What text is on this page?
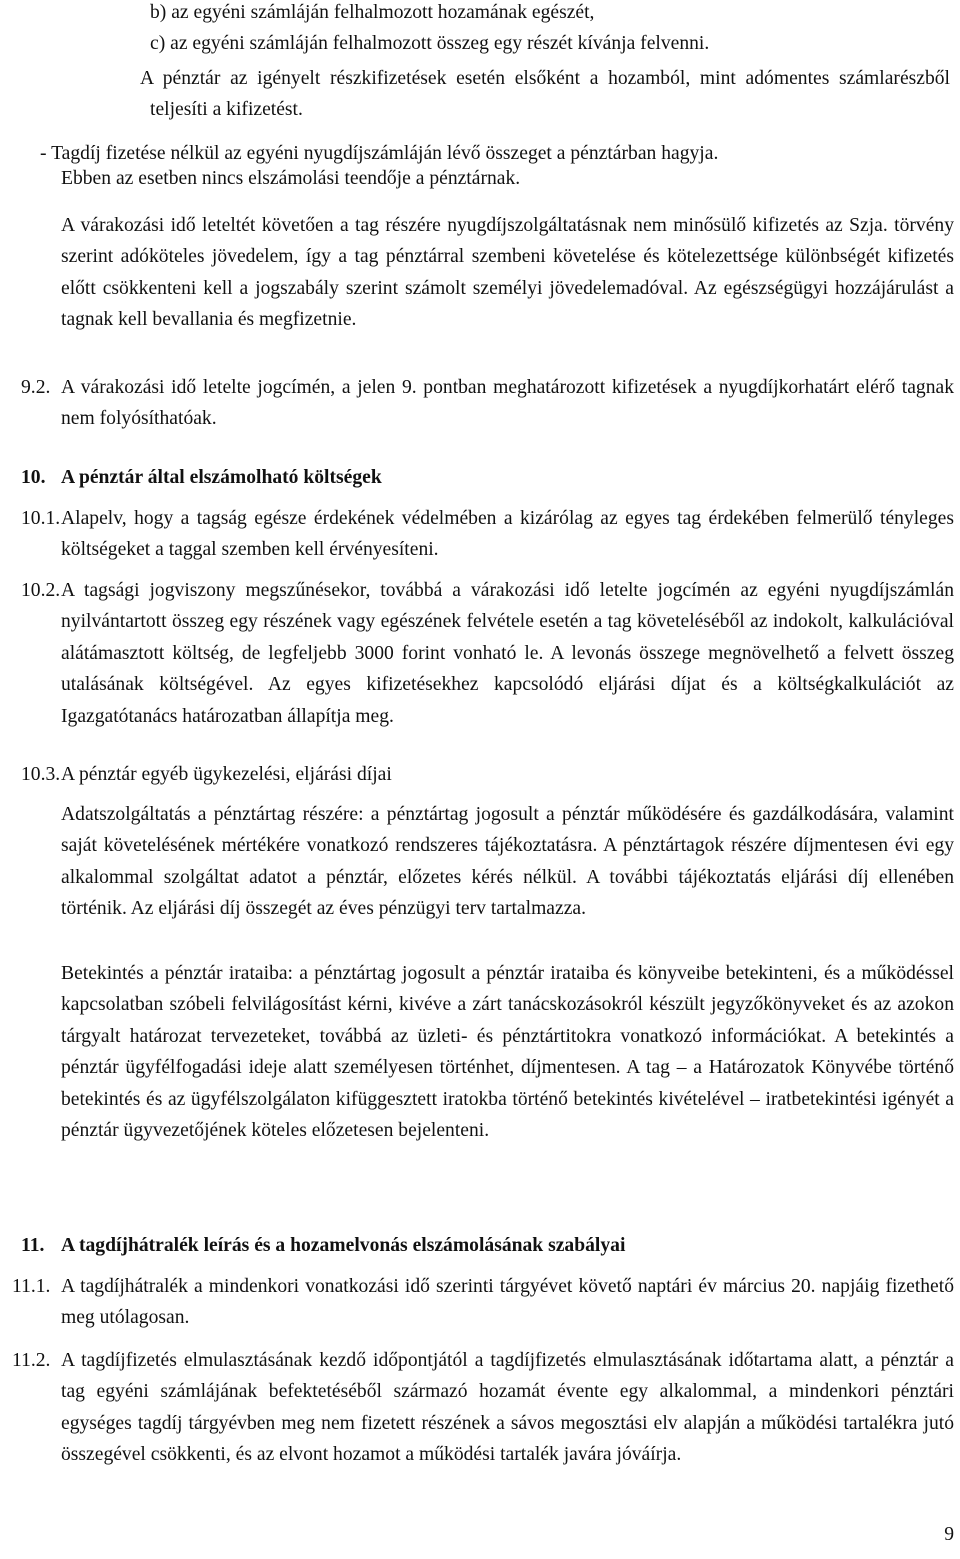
b) az egyéni számláján felhalmozott hozamának egészét,
c) az egyéni számláján felhalmozott összeg egy részét kívánja felvenni.
A pénztár az igényelt részkifizetések esetén elsőként a hozamból, mint adómentes számlarészből teljesíti a kifizetést.
- Tagdíj fizetése nélkül az egyéni nyugdíjszámláján lévő összeget a pénztárban hagyja.
Ebben az esetben nincs elszámolási teendője a pénztárnak.
A várakozási idő leteltét követően a tag részére nyugdíjszolgáltatásnak nem minősülő kifizetés az Szja. törvény szerint adóköteles jövedelem, így a tag pénztárral szembeni követelése és kötelezettsége különbségét kifizetés előtt csökkenteni kell a jogszabály szerint számolt személyi jövedelemadóval. Az egészségügyi hozzájárulást a tagnak kell bevallania és megfizetnie.
9.2. A várakozási idő letelte jogcímén, a jelen 9. pontban meghatározott kifizetések a nyugdíjkorhatárt elérő tagnak nem folyósíthatóak.
10. A pénztár által elszámolható költségek
10.1. Alapelv, hogy a tagság egésze érdekének védelmében a kizárólag az egyes tag érdekében felmerülő tényleges költségeket a taggal szemben kell érvényesíteni.
10.2. A tagsági jogviszony megszűnésekor, továbbá a várakozási idő letelte jogcímén az egyéni nyugdíjszámlán nyilvántartott összeg egy részének vagy egészének felvétele esetén a tag követeléséből az indokolt, kalkulációval alátámasztott költség, de legfeljebb 3000 forint vonható le. A levonás összege megnövelhető a felvett összeg utalásának költségével. Az egyes kifizetésekhez kapcsolódó eljárási díjat és a költségkalkulációt az Igazgatótanács határozatban állapítja meg.
10.3. A pénztár egyéb ügykezelési, eljárási díjai
Adatszolgáltatás a pénztártag részére: a pénztártag jogosult a pénztár működésére és gazdálkodására, valamint saját követelésének mértékére vonatkozó rendszeres tájékoztatásra. A pénztártagok részére díjmentesen évi egy alkalommal szolgáltat adatot a pénztár, előzetes kérés nélkül. A további tájékoztatás eljárási díj ellenében történik. Az eljárási díj összegét az éves pénzügyi terv tartalmazza.
Betekintés a pénztár irataiba: a pénztártag jogosult a pénztár irataiba és könyveibe betekinteni, és a működéssel kapcsolatban szóbeli felvilágosítást kérni, kivéve a zárt tanácskozásokról készült jegyzőkönyveket és az azokon tárgyalt határozat tervezeteket, továbbá az üzleti- és pénztártitokra vonatkozó információkat. A betekintés a pénztár ügyfélfogadási ideje alatt személyesen történhet, díjmentesen. A tag – a Határozatok Könyvébe történő betekintés és az ügyfélszolgálaton kifüggesztett iratokba történő betekintés kivételével – iratbetekintési igényét a pénztár ügyvezetőjének köteles előzetesen bejelenteni.
11. A tagdíjhátralék leírás és a hozamelvonás elszámolásának szabályai
11.1. A tagdíjhátralék a mindenkori vonatkozási idő szerinti tárgyévet követő naptári év március 20. napjáig fizethető meg utólagosan.
11.2. A tagdíjfizetés elmulasztásának kezdő időpontjától a tagdíjfizetés elmulasztásának időtartama alatt, a pénztár a tag egyéni számlájának befektetéséből származó hozamát évente egy alkalommal, a mindenkori pénztári egységes tagdíj tárgyévben meg nem fizetett részének a sávos megosztási elv alapján a működési tartalékra jutó összegével csökkenti, és az elvont hozamot a működési tartalék javára jóváírja.
9
